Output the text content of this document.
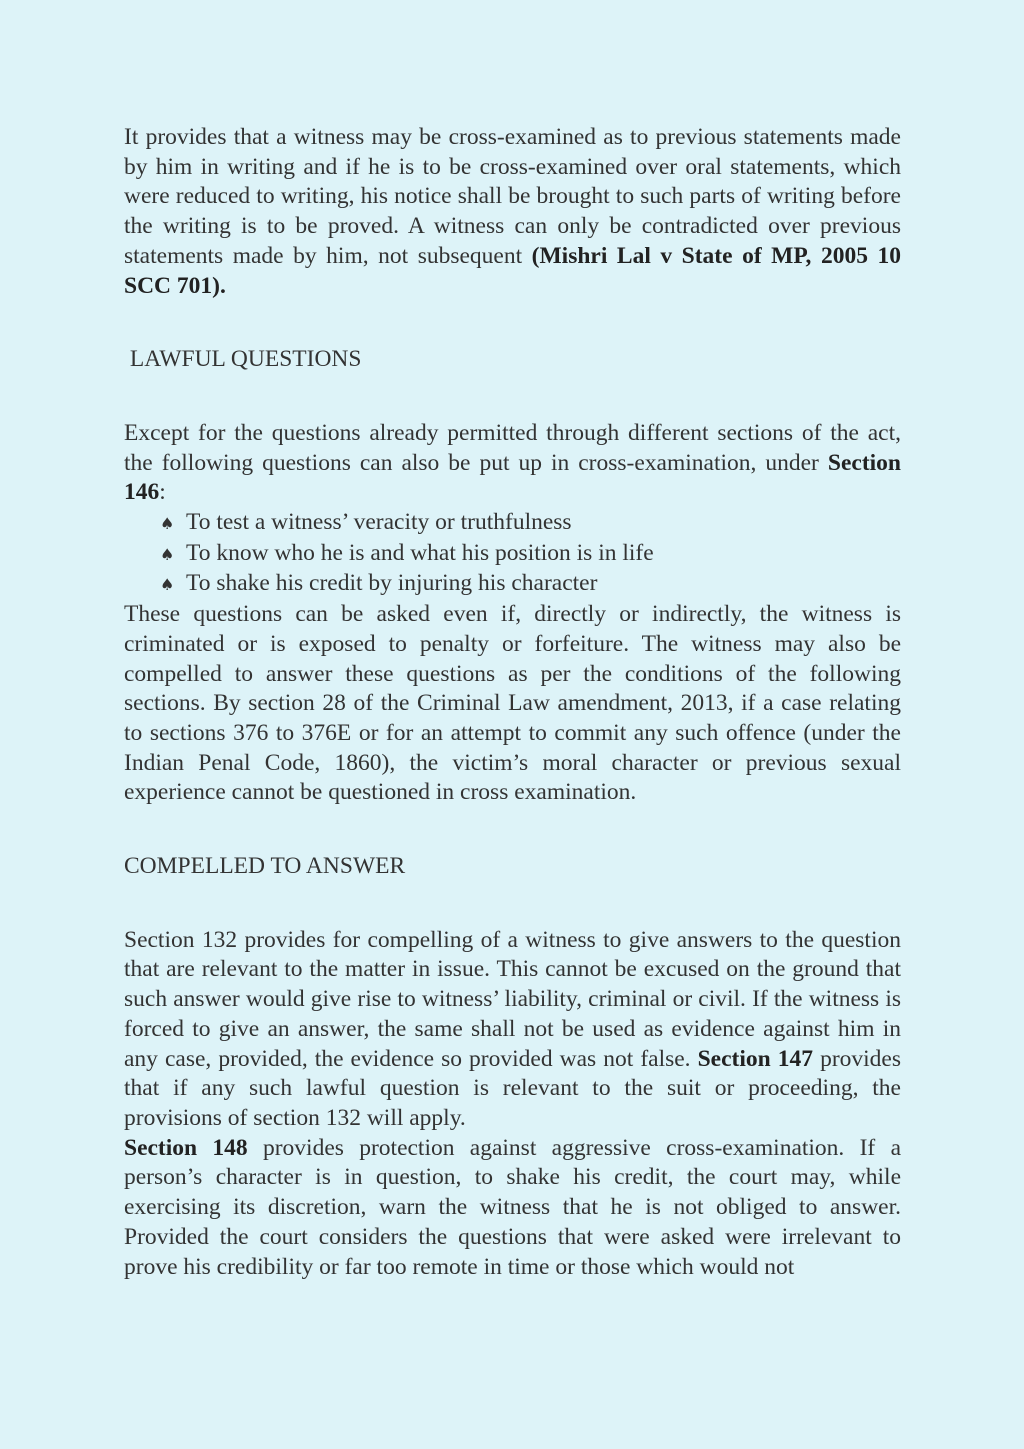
It provides that a witness may be cross-examined as to previous statements made by him in writing and if he is to be cross-examined over oral statements, which were reduced to writing, his notice shall be brought to such parts of writing before the writing is to be proved. A witness can only be contradicted over previous statements made by him, not subsequent (Mishri Lal v State of MP, 2005 10 SCC 701).

LAWFUL QUESTIONS

Except for the questions already permitted through different sections of the act, the following questions can also be put up in cross-examination, under Section 146:

♠ To test a witness’ veracity or truthfulness
♠ To know who he is and what his position is in life
♠ To shake his credit by injuring his character

These questions can be asked even if, directly or indirectly, the witness is criminated or is exposed to penalty or forfeiture. The witness may also be compelled to answer these questions as per the conditions of the following sections. By section 28 of the Criminal Law amendment, 2013, if a case relating to sections 376 to 376E or for an attempt to commit any such offence (under the Indian Penal Code, 1860), the victim’s moral character or previous sexual experience cannot be questioned in cross examination.

COMPELLED TO ANSWER

Section 132 provides for compelling of a witness to give answers to the question that are relevant to the matter in issue. This cannot be excused on the ground that such answer would give rise to witness’ liability, criminal or civil. If the witness is forced to give an answer, the same shall not be used as evidence against him in any case, provided, the evidence so provided was not false. Section 147 provides that if any such lawful question is relevant to the suit or proceeding, the provisions of section 132 will apply.

Section 148 provides protection against aggressive cross-examination. If a person’s character is in question, to shake his credit, the court may, while exercising its discretion, warn the witness that he is not obliged to answer. Provided the court considers the questions that were asked were irrelevant to prove his credibility or far too remote in time or those which would not
